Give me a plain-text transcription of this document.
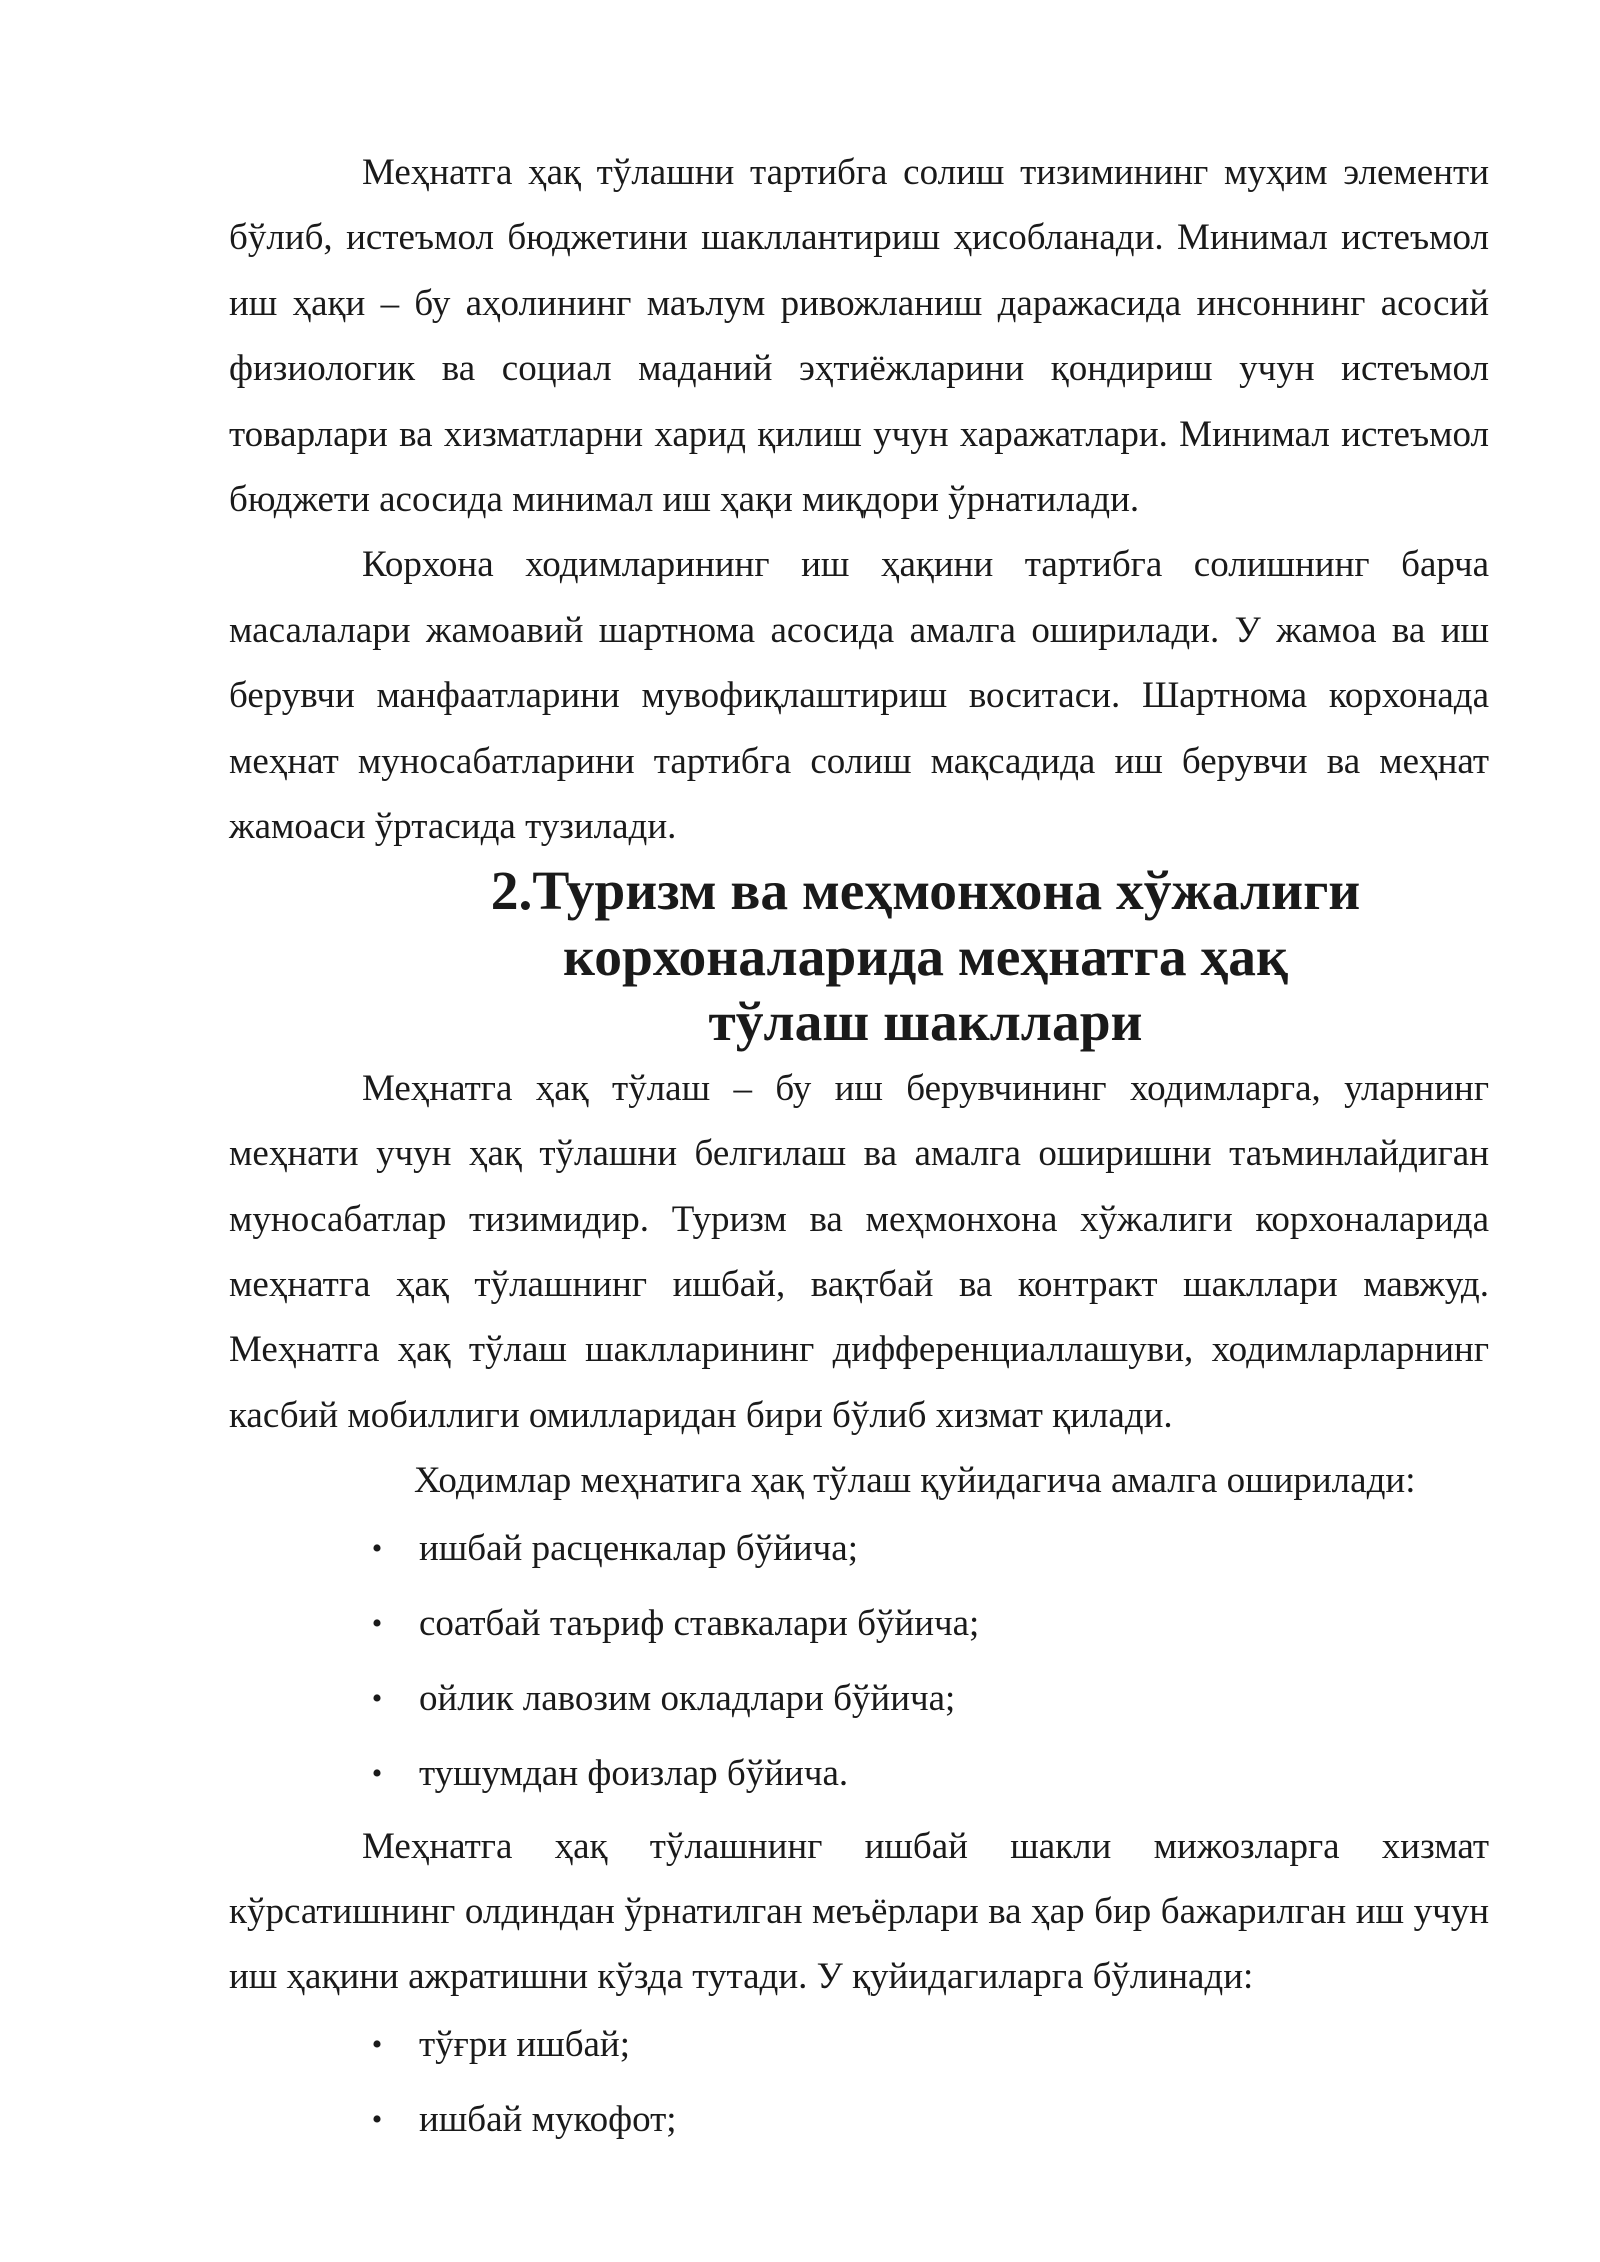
Меҳнатга ҳақ тўлашни тартибга солиш тизимининг муҳим элементи бўлиб, истеъмол бюджетини шакллантириш ҳисобланади. Минимал истеъмол иш ҳақи – бу аҳолининг маълум ривожланиш даражасида инсоннинг асосий физиологик ва социал маданий эҳтиёжларини қондириш учун истеъмол товарлари ва хизматларни харид қилиш учун харажатлари. Минимал истеъмол бюджети асосида минимал иш ҳақи миқдори ўрнатилади.

Корхона ходимларининг иш ҳақини тартибга солишнинг барча масалалари жамоавий шартнома асосида амалга оширилади. У жамоа ва иш берувчи манфаатларини мувофиқлаштириш воситаси. Шартнома корхонада меҳнат муносабатларини тартибга солиш мақсадида иш берувчи ва меҳнат жамоаси ўртасида тузилади.

2.Туризм ва меҳмонхона хўжалиги корхоналарида меҳнатга ҳақ
тўлаш шакллари

Меҳнатга ҳақ тўлаш – бу иш берувчининг ходимларга, уларнинг меҳнати учун ҳақ тўлашни белгилаш ва амалга оширишни таъминлайдиган муносабатлар тизимидир. Туризм ва меҳмонхона хўжалиги корхоналарида меҳнатга ҳақ тўлашнинг ишбай, вақтбай ва контракт шакллари мавжуд. Меҳнатга ҳақ тўлаш шаклларининг дифференциаллашуви, ходимларларнинг касбий мобиллиги омилларидан бири бўлиб хизмат қилади.

Ходимлар меҳнатига ҳақ тўлаш қуйидагича амалга оширилади:

• ишбай расценкалар бўйича;
• соатбай таъриф ставкалари бўйича;
• ойлик лавозим окладлари бўйича;
• тушумдан фоизлар бўйича.

Меҳнатга ҳақ тўлашнинг ишбай шакли мижозларга хизмат кўрсатишнинг олдиндан ўрнатилган меъёрлари ва ҳар бир бажарилган иш учун иш ҳақини ажратишни кўзда тутади. У қуйидагиларга бўлинади:

• тўғри ишбай;
• ишбай мукофот;
